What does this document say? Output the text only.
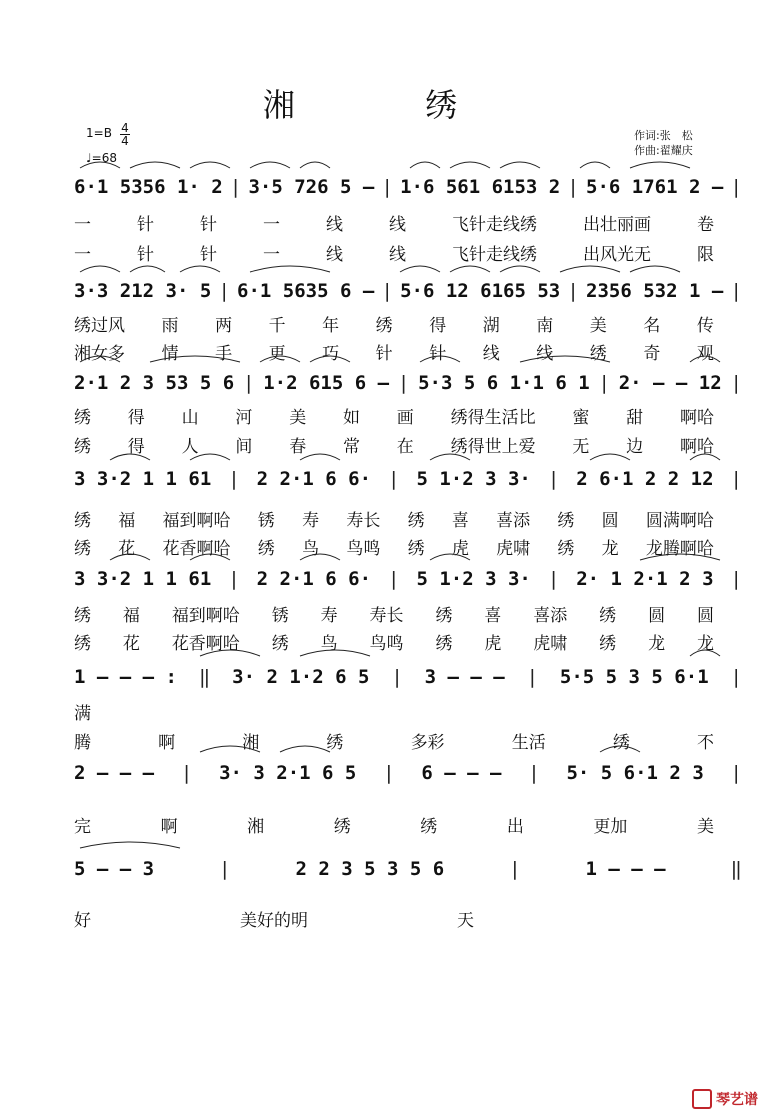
湘 绣
1=B 4
4
♩=68
作词:张　松
作曲:翟耀庆
6·1 5356 1· 2 | 3·5 726 5 – | 1·6 561 6153 2 | 5·6 1761 2 – |
一	针	针	一	线	线	飞针走线绣	出壮丽画	卷
一	针	针	一	线	线	飞针走线绣	出风光无	限
3·3 212 3· 5 | 6·1 5635 6 – | 5·6 12 6165 53 | 2356 532 1 – |
绣过风 雨 两 千 年 绣 得 湖 南 美 名 传
湘女多 情 手 更 巧 针 针 线 线 绣 奇 观
2·1 2 3 53 5 6 | 1·2 615 6 – | 5·3 5 6 1·1 6 1 | 2· – – 12 |
绣 得 山 河 美 如 画 绣得生活比 蜜 甜 啊哈
绣 得 人 间 春 常 在 绣得世上爱 无 边 啊哈
3 3·2 1 1 61 | 2 2·1 6 6· | 5 1·2 3 3· | 2 6·1 2 2 12 |
绣 福 福到啊哈 锈 寿 寿长 绣 喜 喜添 绣 圆 圆满啊哈
绣 花 花香啊哈 绣 鸟 鸟鸣 绣 虎 虎啸 绣 龙 龙腾啊哈
3 3·2 1 1 61 | 2 2·1 6 6· | 5 1·2 3 3· | 2· 1 2·1 2 3 |
绣 福 福到啊哈 锈 寿 寿长 绣 喜 喜添 绣 圆 圆
绣 花 花香啊哈 绣 鸟 鸟鸣 绣 虎 虎啸 绣 龙 龙
1 – – – : ‖ 3· 2 1·2 6 5 | 3 – – – | 5·5 5 3 5 6·1 |
满
腾	啊	湘	绣	多彩	生活	绣	不
2 – – – | 3· 3 2·1 6 5 | 6 – – – | 5· 5 6·1 2 3 |
完	啊	湘	绣	绣	出	更加	美
5 – – 3	|	2 2 3 5 3 5 6	|	1 – – –	‖
好	美好的明	天
琴艺谱
